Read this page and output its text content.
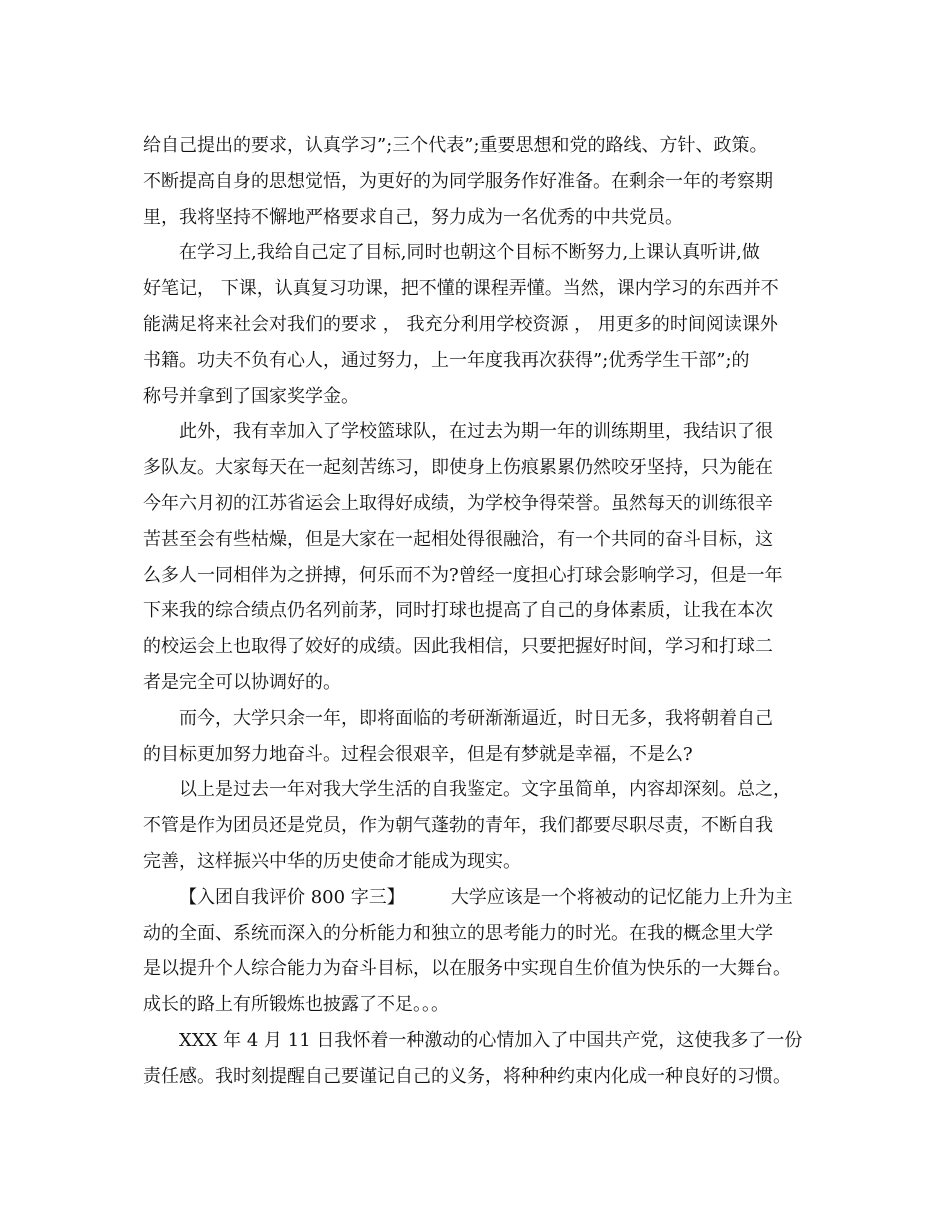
给自己提出的要求，认真学习”;三个代表”;重要思想和党的路线、方针、政策。
不断提高自身的思想觉悟，为更好的为同学服务作好准备。在剩余一年的考察期
里，我将坚持不懈地严格要求自己，努力成为一名优秀的中共党员。
在学习上,我给自己定了目标,同时也朝这个目标不断努力,上课认真听讲,做
好笔记， 下课，认真复习功课，把不懂的课程弄懂。当然，课内学习的东西并不
能满足将来社会对我们的要求 ， 我充分利用学校资源 ， 用更多的时间阅读课外
书籍。功夫不负有心人，通过努力，上一年度我再次获得”;优秀学生干部”;的
称号并拿到了国家奖学金。
此外，我有幸加入了学校篮球队，在过去为期一年的训练期里，我结识了很
多队友。大家每天在一起刻苦练习，即使身上伤痕累累仍然咬牙坚持，只为能在
今年六月初的江苏省运会上取得好成绩，为学校争得荣誉。虽然每天的训练很辛
苦甚至会有些枯燥，但是大家在一起相处得很融洽，有一个共同的奋斗目标，这
么多人一同相伴为之拼搏，何乐而不为?曾经一度担心打球会影响学习，但是一年
下来我的综合绩点仍名列前茅，同时打球也提高了自己的身体素质，让我在本次
的校运会上也取得了姣好的成绩。因此我相信，只要把握好时间，学习和打球二
者是完全可以协调好的。
而今，大学只余一年，即将面临的考研渐渐逼近，时日无多，我将朝着自己
的目标更加努力地奋斗。过程会很艰辛，但是有梦就是幸福，不是么?
以上是过去一年对我大学生活的自我鉴定。文字虽简单，内容却深刻。总之，
不管是作为团员还是党员，作为朝气蓬勃的青年，我们都要尽职尽责，不断自我
完善，这样振兴中华的历史使命才能成为现实。
【入团自我评价 800 字三】	大学应该是一个将被动的记忆能力上升为主
动的全面、系统而深入的分析能力和独立的思考能力的时光。在我的概念里大学
是以提升个人综合能力为奋斗目标，以在服务中实现自生价值为快乐的一大舞台。
成长的路上有所锻炼也披露了不足。。。
XXX 年 4 月 11 日我怀着一种激动的心情加入了中国共产党，这使我多了一份
责任感。我时刻提醒自己要谨记自己的义务，将种种约束内化成一种良好的习惯。
